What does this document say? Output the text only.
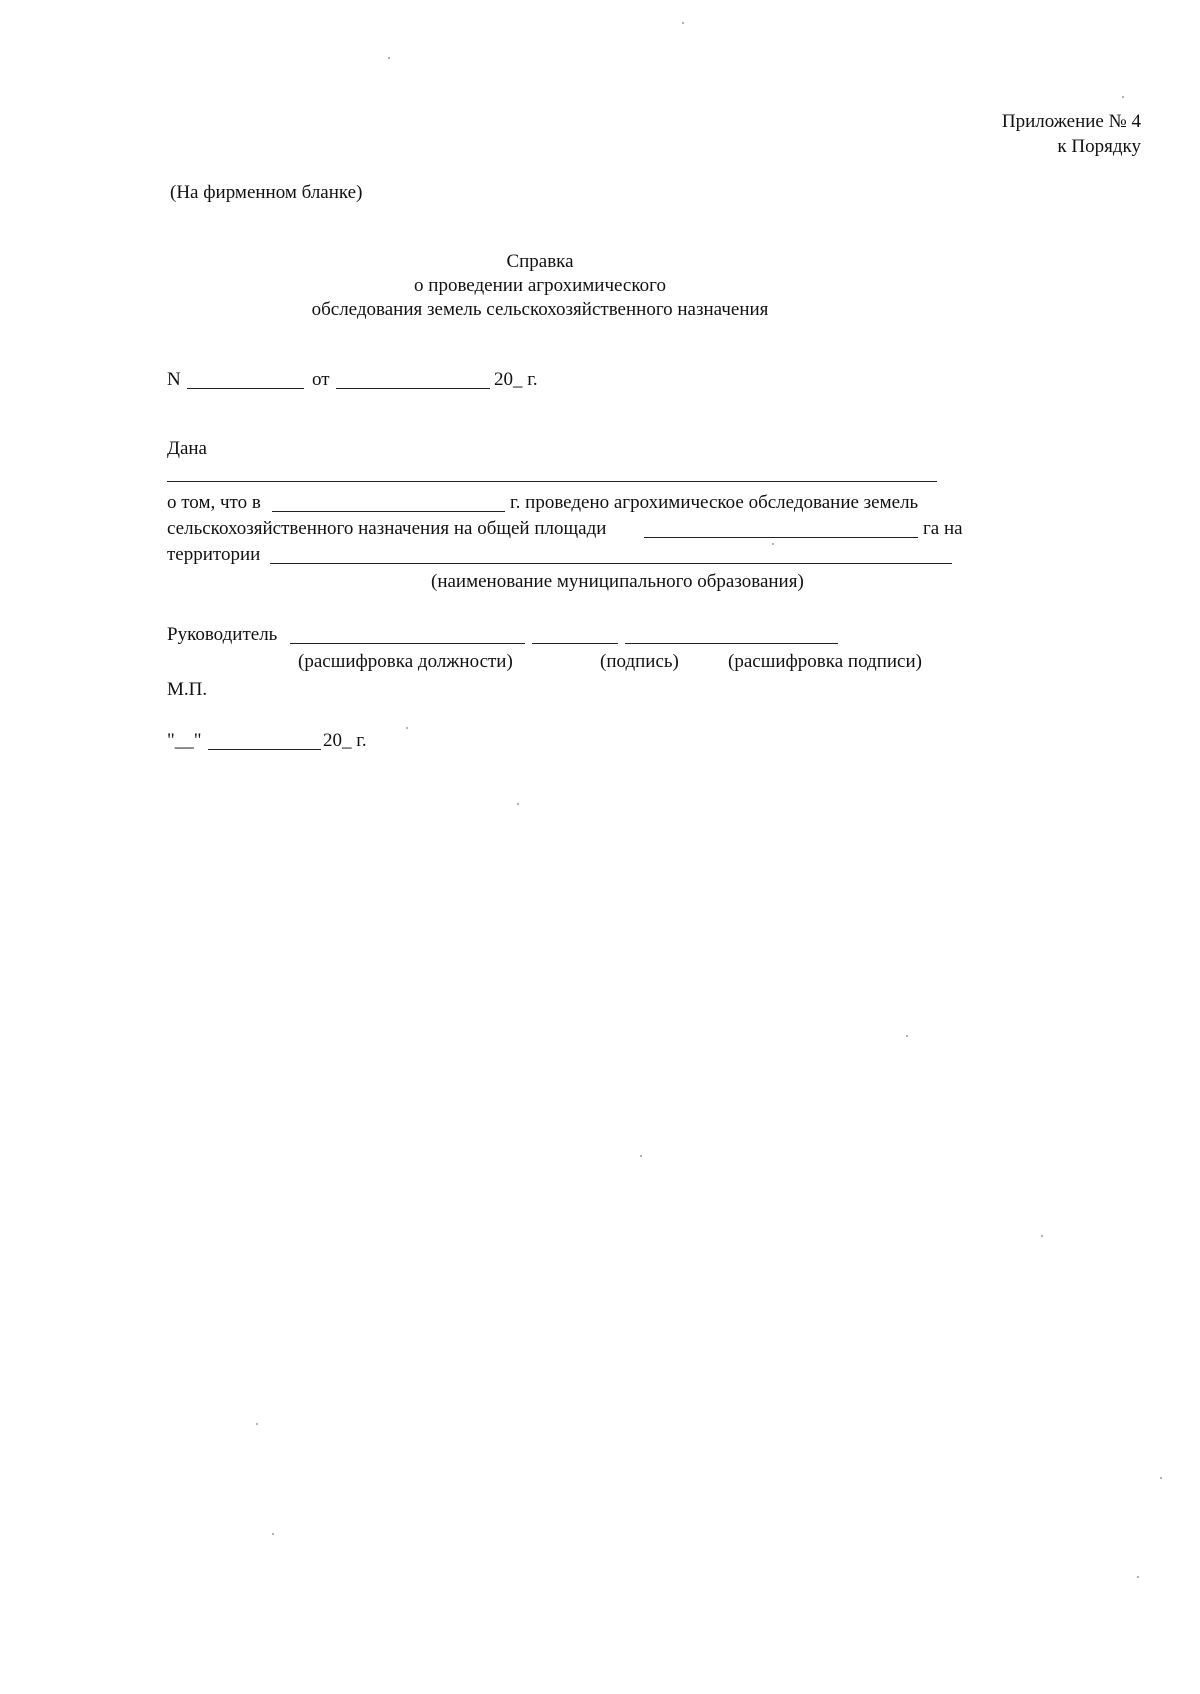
Приложение № 4
к Порядку
(На фирменном бланке)
Справка
о проведении агрохимического
обследования земель сельскохозяйственного назначения
N	от	20_ г.
Дана
о том, что в	г. проведено агрохимическое обследование земель
сельскохозяйственного назначения на общей площади	га на
территории
(наименование муниципального образования)
Руководитель
(расшифровка должности)	(подпись)	(расшифровка подписи)
М.П.
"__"	20_ г.
